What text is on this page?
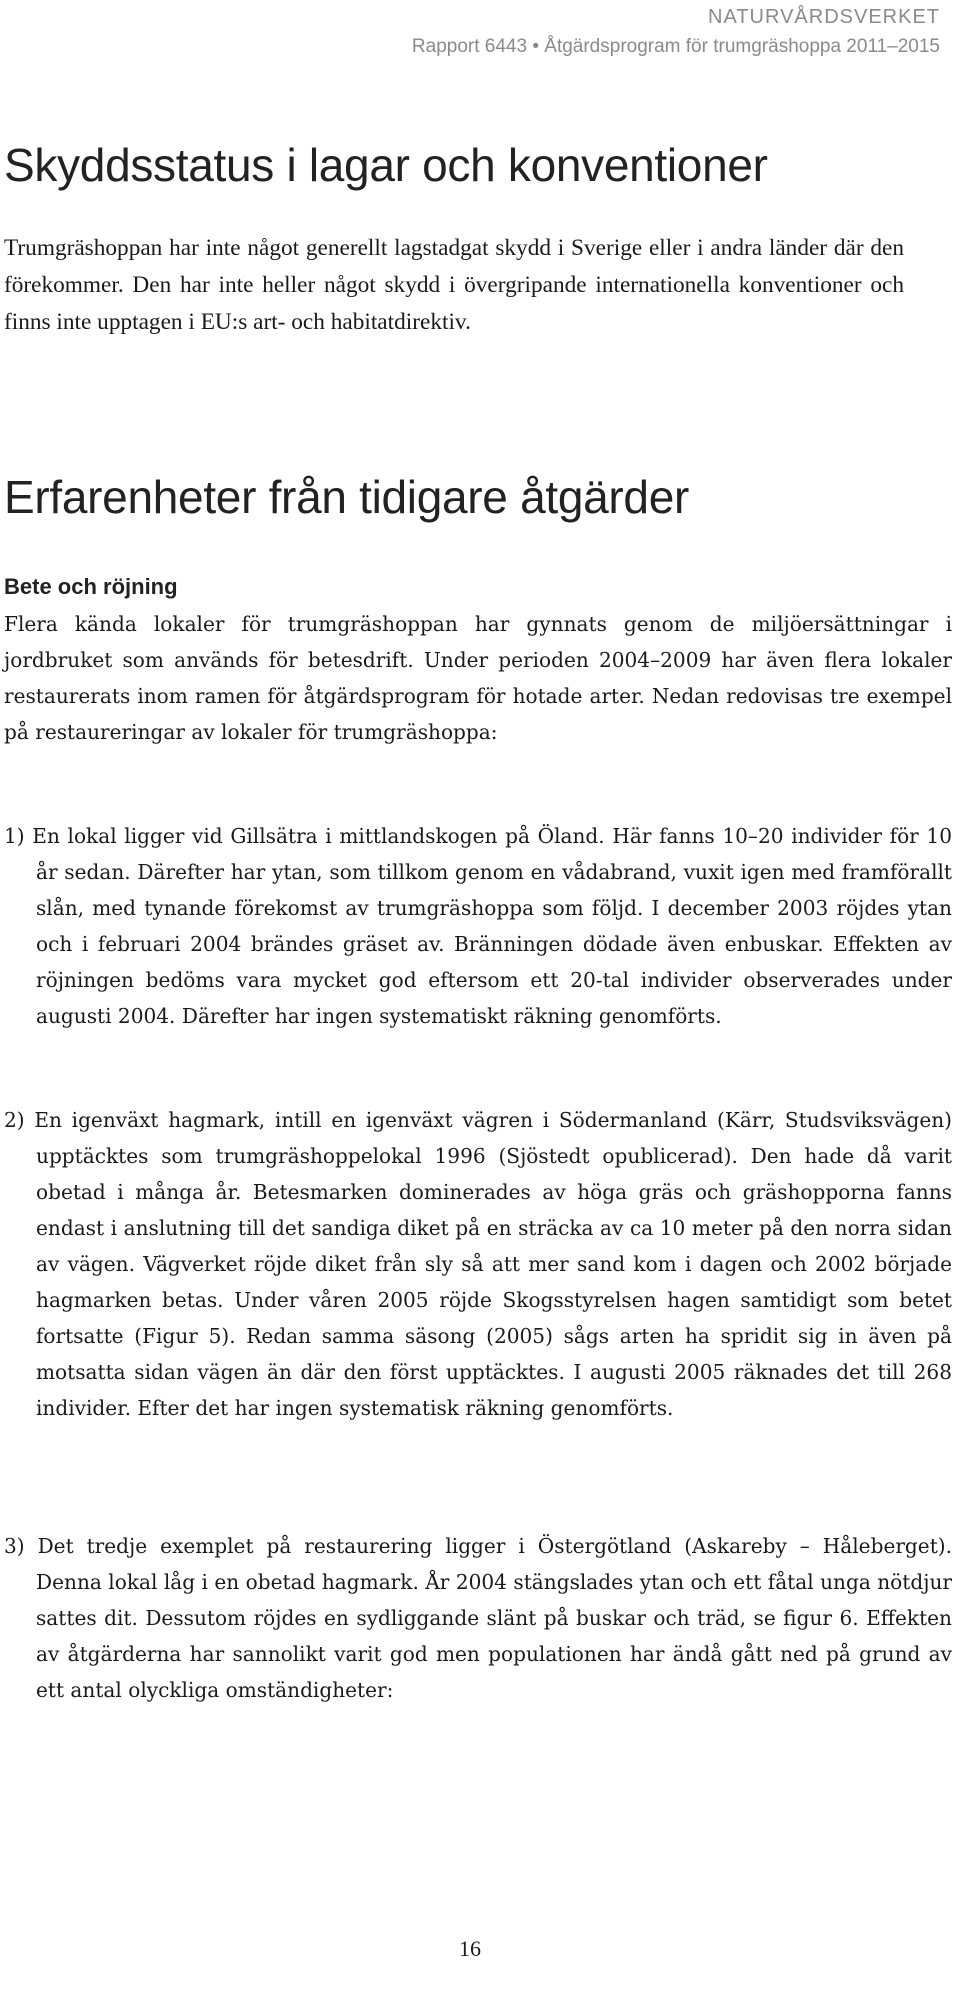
NATURVÅRDSVERKET
Rapport 6443 • Åtgärdsprogram för trumgräshoppa 2011–2015
Skyddsstatus i lagar och konventioner

Trumgräshoppan har inte något generellt lagstadgat skydd i Sverige eller i andra länder där den förekommer. Den har inte heller något skydd i övergripande internationella konventioner och finns inte upptagen i EU:s art- och habitatdirektiv.

Erfarenheter från tidigare åtgärder
Bete och röjning

Flera kända lokaler för trumgräshoppan har gynnats genom de miljöersättningar i jordbruket som används för betesdrift. Under perioden 2004–2009 har även flera lokaler restaurerats inom ramen för åtgärdsprogram för hotade arter. Nedan redovisas tre exempel på restaureringar av lokaler för trumgräshoppa:

1) En lokal ligger vid Gillsätra i mittlandskogen på Öland. Här fanns 10–20 individer för 10 år sedan. Därefter har ytan, som tillkom genom en vådabrand, vuxit igen med framförallt slån, med tynande förekomst av trumgräshoppa som följd. I december 2003 röjdes ytan och i februari 2004 brändes gräset av. Bränningen dödade även enbuskar. Effekten av röjningen bedöms vara mycket god eftersom ett 20-tal individer observerades under augusti 2004. Därefter har ingen systematiskt räkning genomförts.

2) En igenväxt hagmark, intill en igenväxt vägren i Södermanland (Kärr, Studsviksvägen) upptäcktes som trumgräshoppelokal 1996 (Sjöstedt opublicerad). Den hade då varit obetad i många år. Betesmarken dominerades av höga gräs och gräshopporna fanns endast i anslutning till det sandiga diket på en sträcka av ca 10 meter på den norra sidan av vägen. Vägverket röjde diket från sly så att mer sand kom i dagen och 2002 började hagmarken betas. Under våren 2005 röjde Skogsstyrelsen hagen samtidigt som betet fortsatte (Figur 5). Redan samma säsong (2005) sågs arten ha spridit sig in även på motsatta sidan vägen än där den först upptäcktes. I augusti 2005 räknades det till 268 individer. Efter det har ingen systematisk räkning genomförts.

3) Det tredje exemplet på restaurering ligger i Östergötland (Askareby – Håleberget). Denna lokal låg i en obetad hagmark. År 2004 stängslades ytan och ett fåtal unga nötdjur sattes dit. Dessutom röjdes en sydliggande slänt på buskar och träd, se figur 6. Effekten av åtgärderna har sannolikt varit god men populationen har ändå gått ned på grund av ett antal olyckliga omständigheter:

16
